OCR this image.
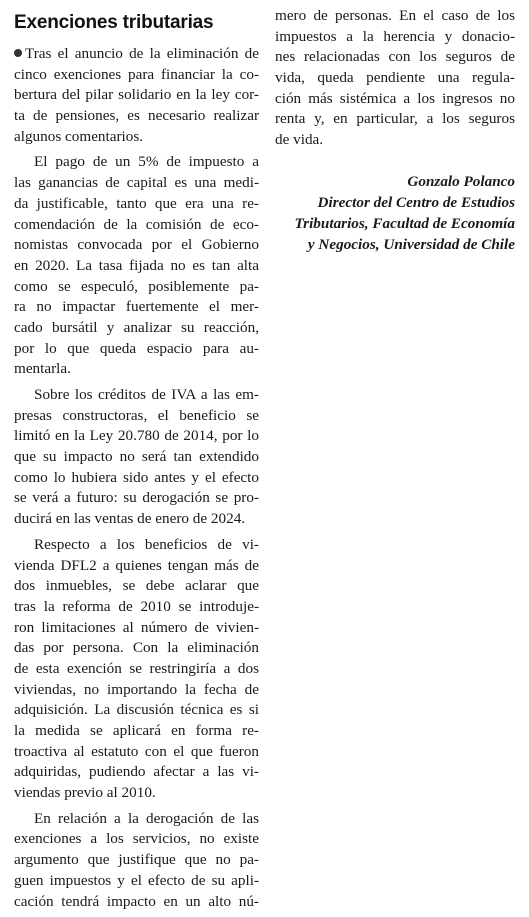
Exenciones tributarias
Tras el anuncio de la eliminación de
cinco exenciones para financiar la co-
bertura del pilar solidario en la ley cor-
ta de pensiones, es necesario realizar
algunos comentarios.
El pago de un 5% de impuesto a
las ganancias de capital es una medi-
da justificable, tanto que era una re-
comendación de la comisión de eco-
nomistas convocada por el Gobierno
en 2020. La tasa fijada no es tan alta
como se especuló, posiblemente pa-
ra no impactar fuertemente el mer-
cado bursátil y analizar su reacción,
por lo que queda espacio para au-
mentarla.
Sobre los créditos de IVA a las em-
presas constructoras, el beneficio se
limitó en la Ley 20.780 de 2014, por lo
que su impacto no será tan extendido
como lo hubiera sido antes y el efecto
se verá a futuro: su derogación se pro-
ducirá en las ventas de enero de 2024.
Respecto a los beneficios de vi-
vienda DFL2 a quienes tengan más de
dos inmuebles, se debe aclarar que
tras la reforma de 2010 se introduje-
ron limitaciones al número de vivien-
das por persona. Con la eliminación
de esta exención se restringiría a dos
viviendas, no importando la fecha de
adquisición. La discusión técnica es si
la medida se aplicará en forma re-
troactiva al estatuto con el que fueron
adquiridas, pudiendo afectar a las vi-
viendas previo al 2010.
En relación a la derogación de las
exenciones a los servicios, no existe
argumento que justifique que no pa-
guen impuestos y el efecto de su apli-
cación tendrá impacto en un alto nú-
mero de personas. En el caso de los
impuestos a la herencia y donacio-
nes relacionadas con los seguros de
vida, queda pendiente una regula-
ción más sistémica a los ingresos no
renta y, en particular, a los seguros
de vida.
Gonzalo Polanco
Director del Centro de Estudios
Tributarios, Facultad de Economía
y Negocios, Universidad de Chile
